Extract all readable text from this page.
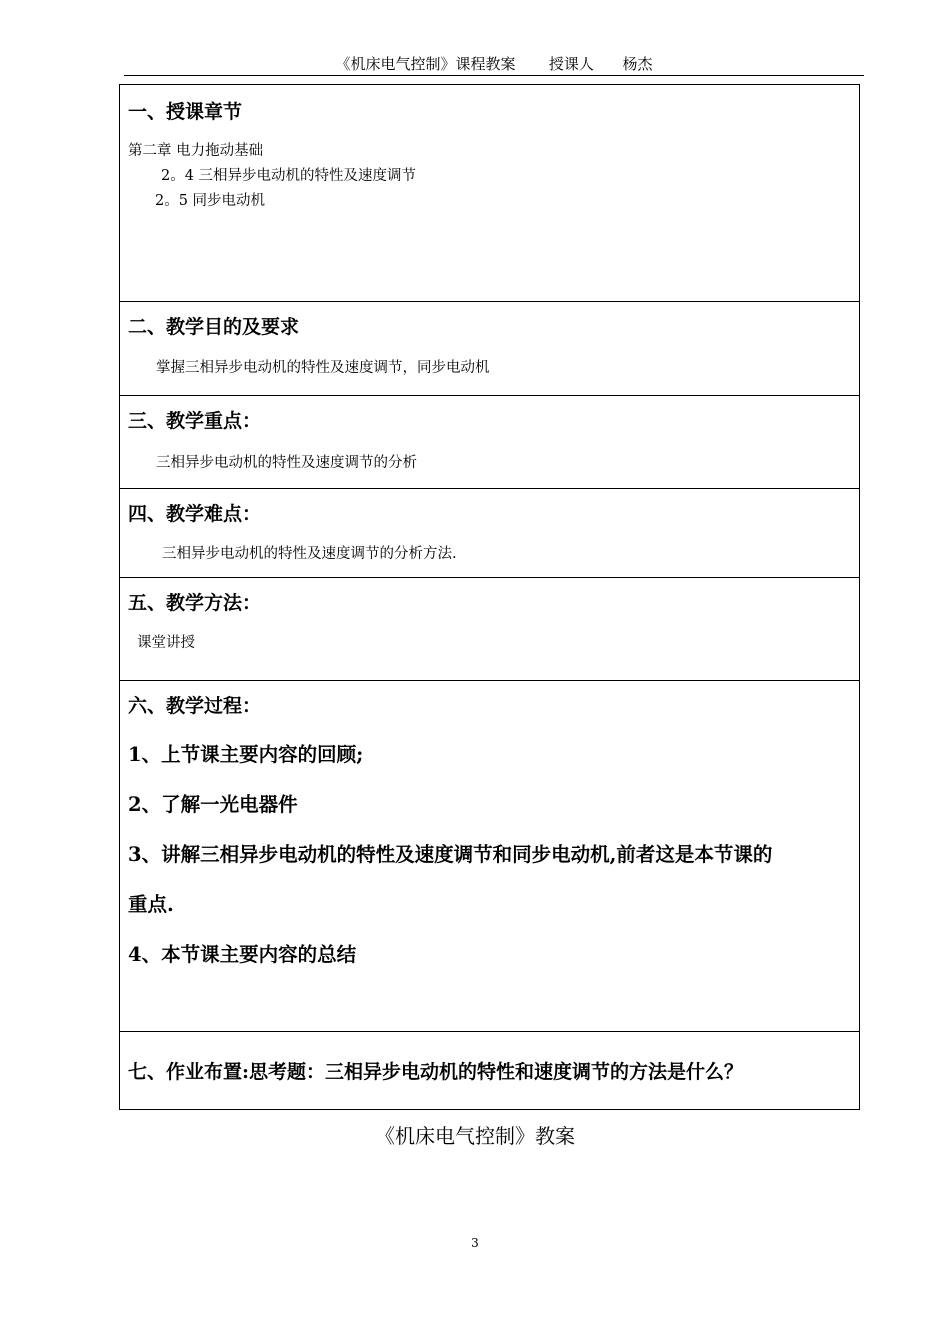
《机床电气控制》课程教案       授课人      杨杰
一、授课章节
第二章 电力拖动基础
2。4 三相异步电动机的特性及速度调节
2。5 同步电动机
二、教学目的及要求
掌握三相异步电动机的特性及速度调节，同步电动机
三、教学重点：
三相异步电动机的特性及速度调节的分析
四、教学难点：
三相异步电动机的特性及速度调节的分析方法.
五、教学方法：
课堂讲授
六、教学过程：
1、上节课主要内容的回顾;
2、了解一光电器件
3、讲解三相异步电动机的特性及速度调节和同步电动机,前者这是本节课的
重点.
4、本节课主要内容的总结
七、作业布置:思考题：三相异步电动机的特性和速度调节的方法是什么？
《机床电气控制》教案
3
